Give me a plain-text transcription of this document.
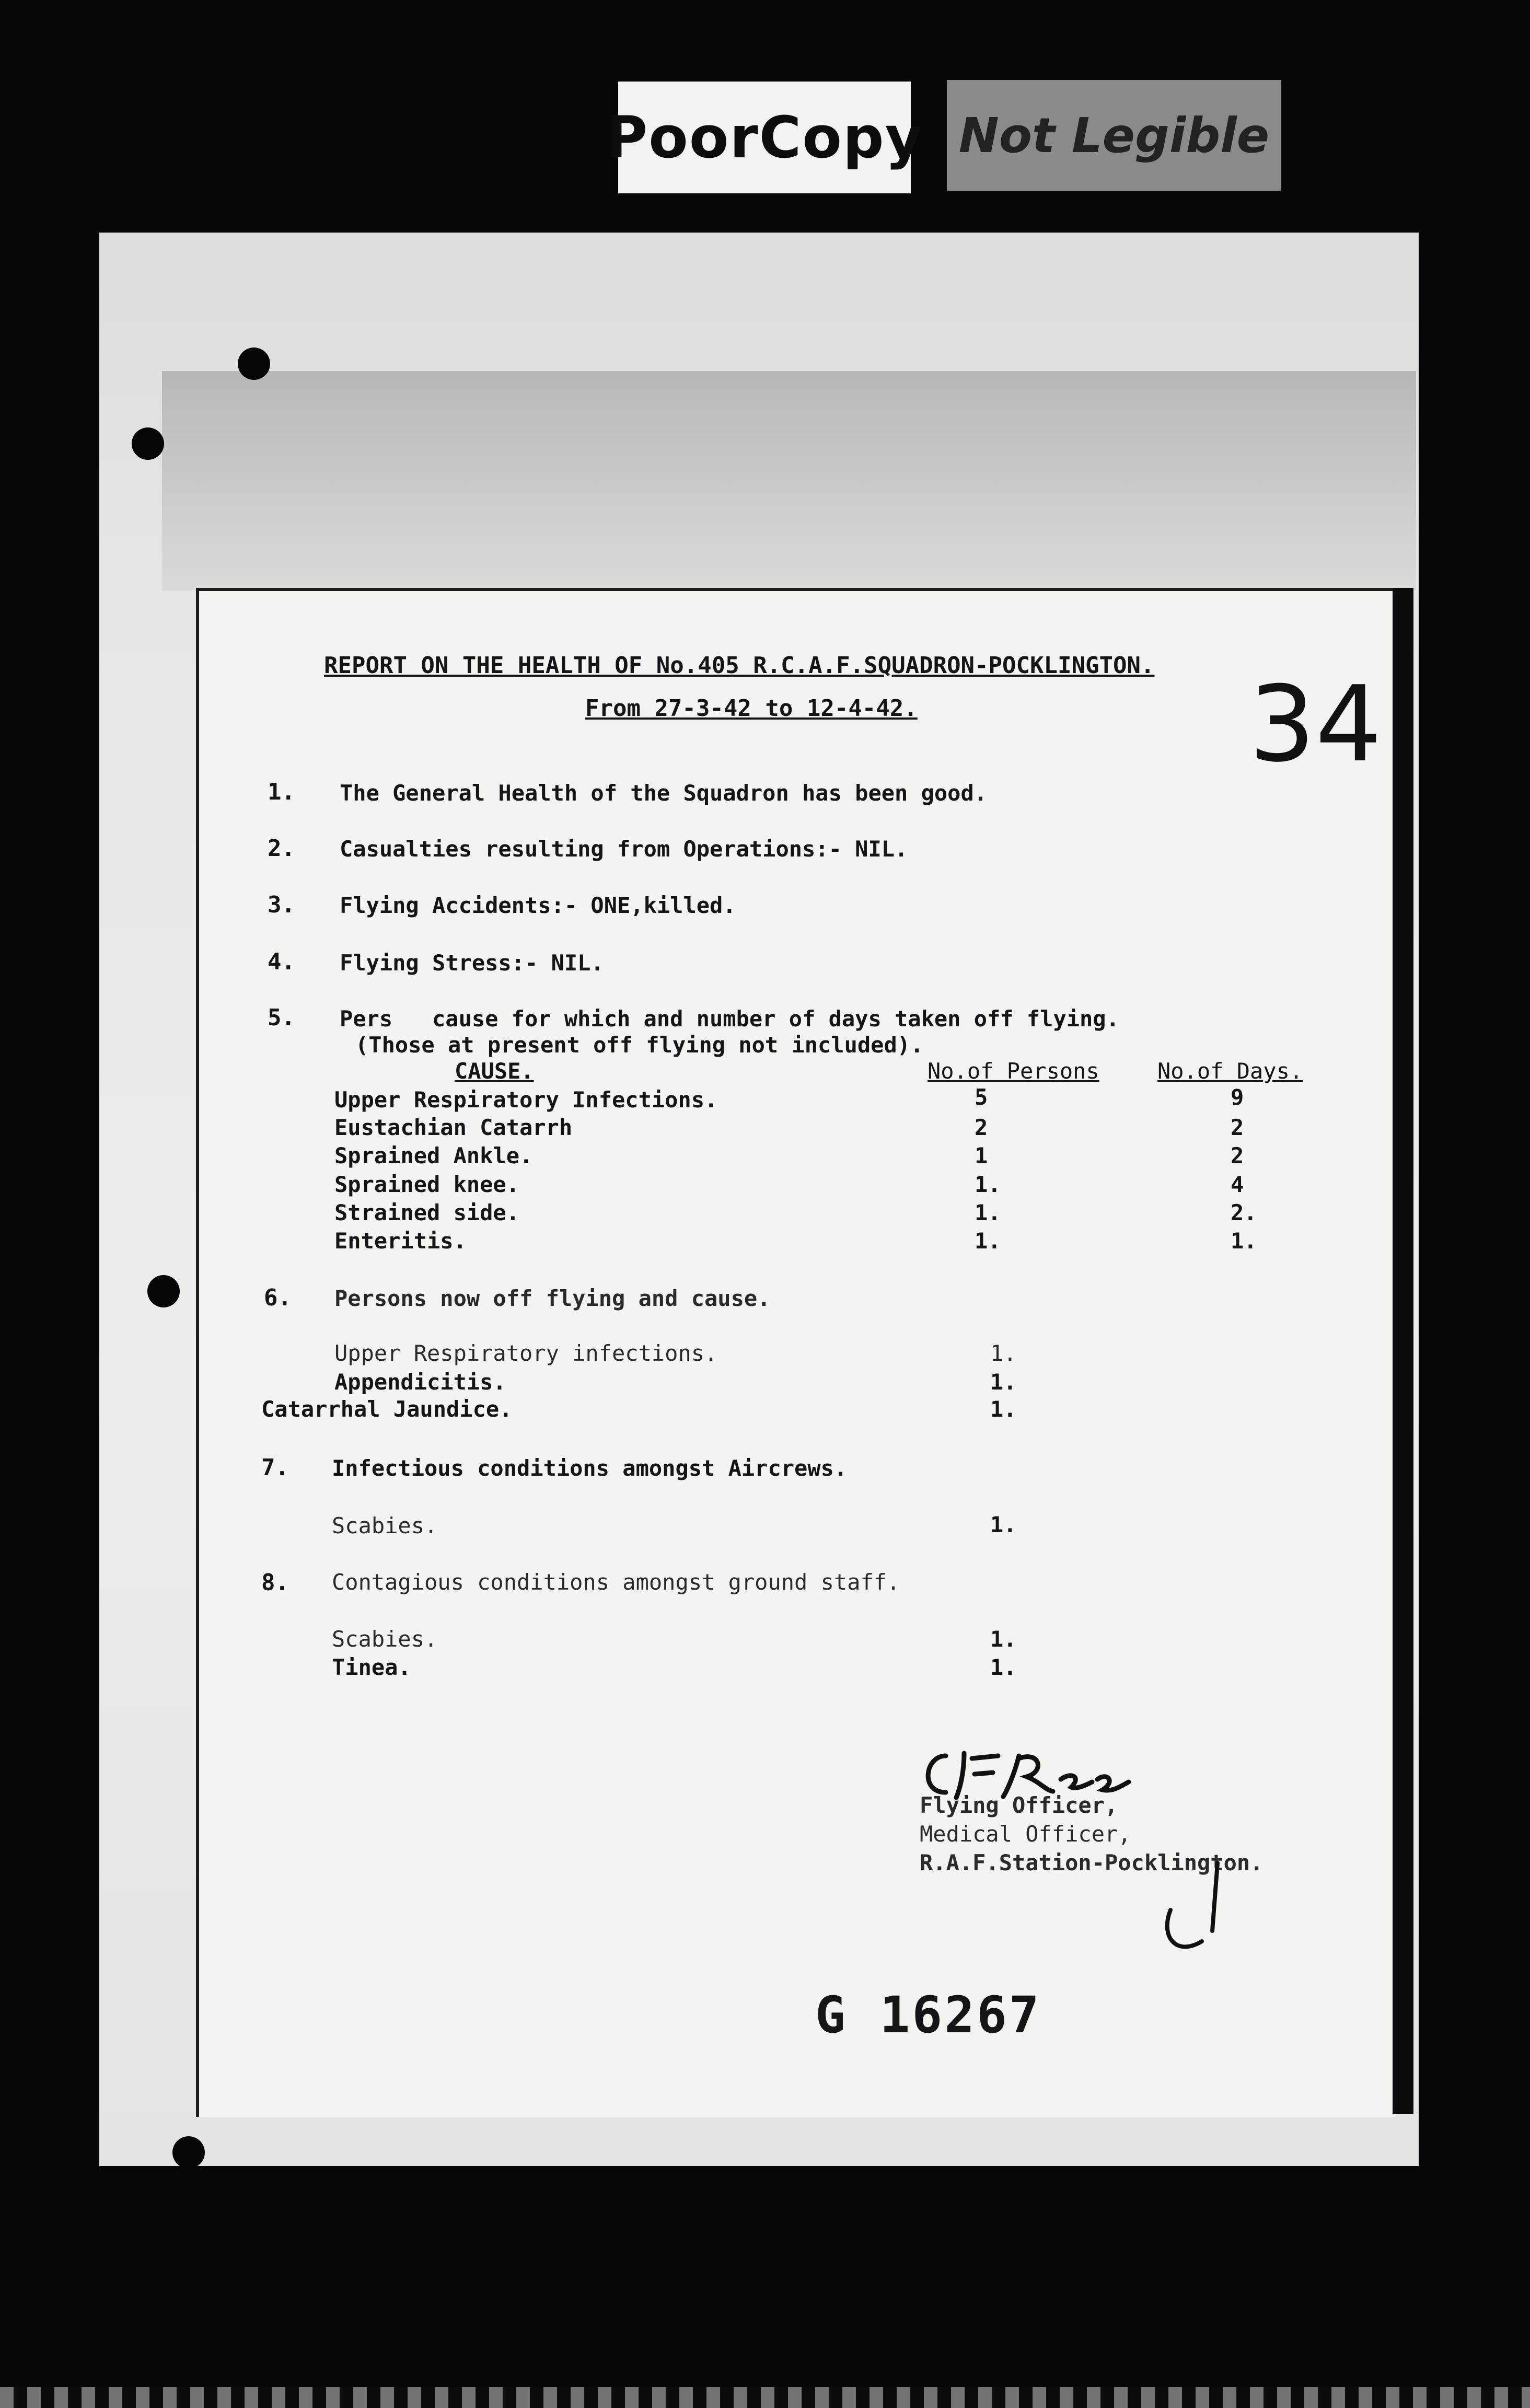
PoorCopy Not Legible
34
REPORT ON THE HEALTH OF No.405 R.C.A.F.SQUADRON-POCKLINGTON.
From 27-3-42 to 12-4-42.
1. The General Health of the Squadron has been good.
2. Casualties resulting from Operations:- NIL.
3. Flying Accidents:- ONE,killed.
4. Flying Stress:- NIL.
5. Pers   cause for which and number of days taken off flying.
(Those at present off flying not included).
CAUSE.	No.of Persons	No.of Days.
Upper Respiratory Infections.	5	9
Eustachian Catarrh	2	2
Sprained Ankle.	1	2
Sprained knee.	1.	4
Strained side.	1.	2.
Enteritis.	1.	1.
6. Persons now off flying and cause.
Upper Respiratory infections.	1.
Appendicitis.	1.
Catarrhal Jaundice.	1.
7. Infectious conditions amongst Aircrews.
Scabies.	1.
8. Contagious conditions amongst ground staff.
Scabies.	1.
Tinea.	1.
Flying Officer,
Medical Officer,
R.A.F.Station-Pocklington.
G 16267
